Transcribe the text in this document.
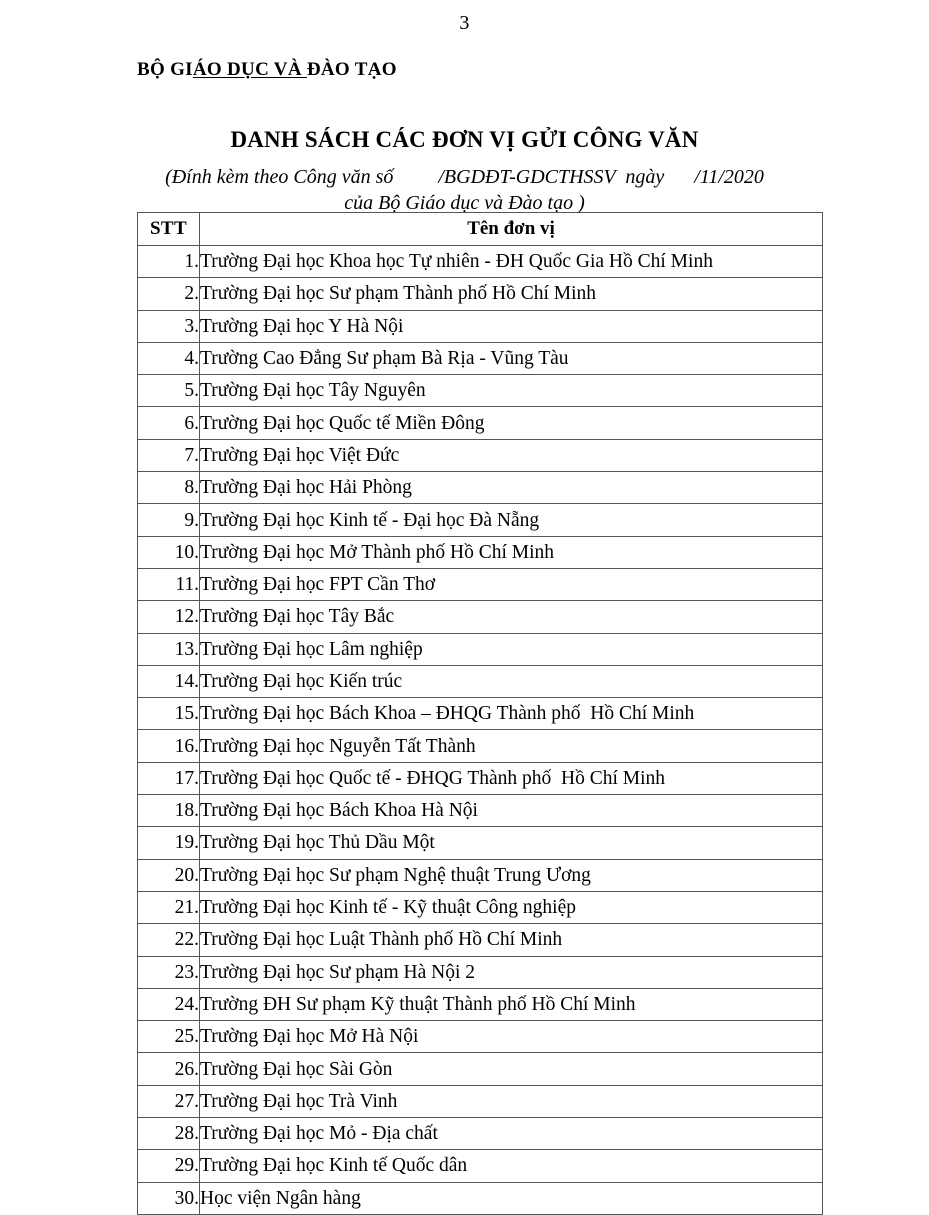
3
BỘ GIÁO DỤC VÀ ĐÀO TẠO
DANH SÁCH CÁC ĐƠN VỊ GỬI CÔNG VĂN
(Đính kèm theo Công văn số         /BGDĐT-GDCTHSSV  ngày      /11/2020
của Bộ Giáo dục và Đào tạo )
STT	Tên đơn vị
1.	Trường Đại học Khoa học Tự nhiên - ĐH Quốc Gia Hồ Chí Minh
2.	Trường Đại học Sư phạm Thành phố Hồ Chí Minh
3.	Trường Đại học Y Hà Nội
4.	Trường Cao Đẳng Sư phạm Bà Rịa - Vũng Tàu
5.	Trường Đại học Tây Nguyên
6.	Trường Đại học Quốc tế Miền Đông
7.	Trường Đại học Việt Đức
8.	Trường Đại học Hải Phòng
9.	Trường Đại học Kinh tế - Đại học Đà Nẵng
10.	Trường Đại học Mở Thành phố Hồ Chí Minh
11.	Trường Đại học FPT Cần Thơ
12.	Trường Đại học Tây Bắc
13.	Trường Đại học Lâm nghiệp
14.	Trường Đại học Kiến trúc
15.	Trường Đại học Bách Khoa – ĐHQG Thành phố  Hồ Chí Minh
16.	Trường Đại học Nguyễn Tất Thành
17.	Trường Đại học Quốc tế - ĐHQG Thành phố  Hồ Chí Minh
18.	Trường Đại học Bách Khoa Hà Nội
19.	Trường Đại học Thủ Dầu Một
20.	Trường Đại học Sư phạm Nghệ thuật Trung Ương
21.	Trường Đại học Kinh tế - Kỹ thuật Công nghiệp
22.	Trường Đại học Luật Thành phố Hồ Chí Minh
23.	Trường Đại học Sư phạm Hà Nội 2
24.	Trường ĐH Sư phạm Kỹ thuật Thành phố Hồ Chí Minh
25.	Trường Đại học Mở Hà Nội
26.	Trường Đại học Sài Gòn
27.	Trường Đại học Trà Vinh
28.	Trường Đại học Mỏ - Địa chất
29.	Trường Đại học Kinh tế Quốc dân
30.	Học viện Ngân hàng
